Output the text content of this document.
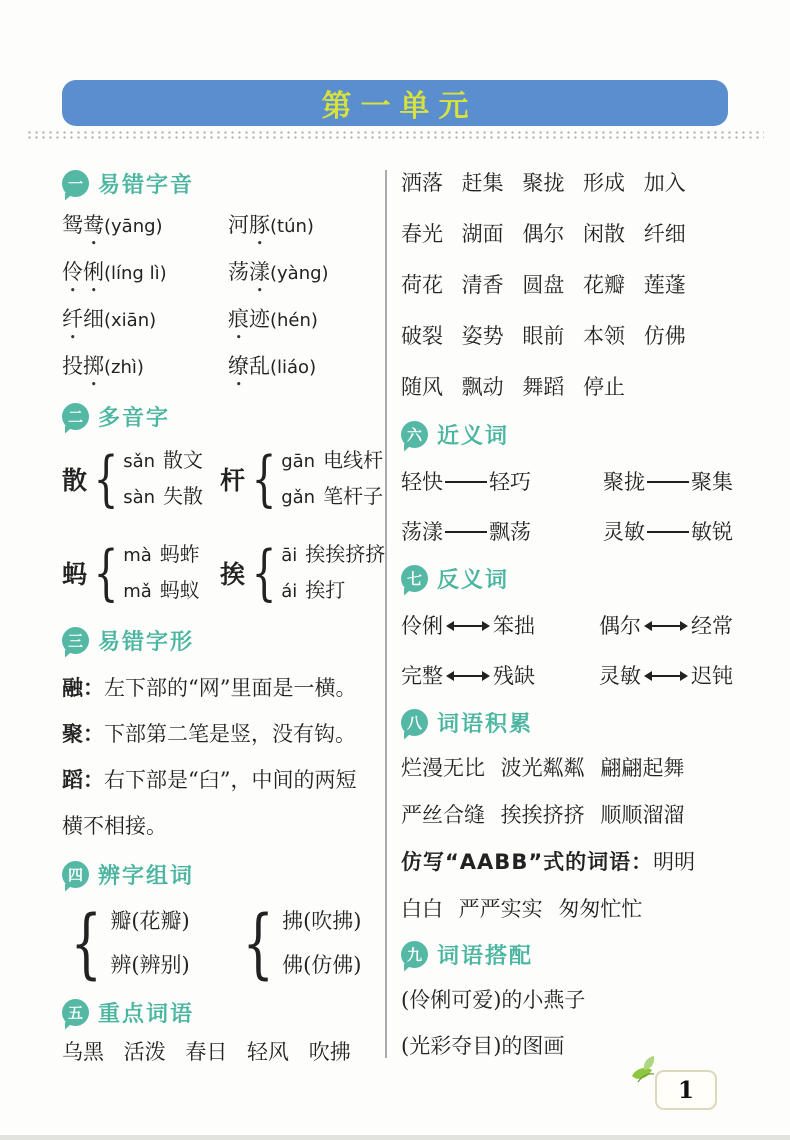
第一单元
一 易错字音
鸳鸯(yāng)	河豚(tún)
伶俐(líng lì)	荡漾(yàng)
纤细(xiān)	痕迹(hén)
投掷(zhì)	缭乱(liáo)
二 多音字
散
{
sǎn 散文
sàn 失散
杆
{
gān 电线杆
gǎn 笔杆子
蚂
{
mà 蚂蚱
mǎ 蚂蚁
挨
{
āi 挨挨挤挤
ái 挨打
三 易错字形
融：左下部的“网”里面是一横。
聚：下部第二笔是竖，没有钩。
蹈：右下部是“臼”，中间的两短横不相接。
四 辨字组词
{
瓣(花瓣)
辨(辨别)
{
拂(吹拂)
佛(仿佛)
五 重点词语
乌黑 活泼 春日 轻风 吹拂
洒落 赶集 聚拢 形成 加入
春光 湖面 偶尔 闲散 纤细
荷花 清香 圆盘 花瓣 莲蓬
破裂 姿势 眼前 本领 仿佛
随风 飘动 舞蹈 停止
六 近义词
轻快 轻巧	聚拢 聚集
荡漾 飘荡	灵敏 敏锐
七 反义词
伶俐 笨拙	偶尔 经常
完整 残缺	灵敏 迟钝
八 词语积累
烂漫无比 波光粼粼 翩翩起舞
严丝合缝 挨挨挤挤 顺顺溜溜
仿写“AABB”式的词语：明明
白白 严严实实 匆匆忙忙
九 词语搭配
(伶俐可爱)的小燕子
(光彩夺目)的图画
1
